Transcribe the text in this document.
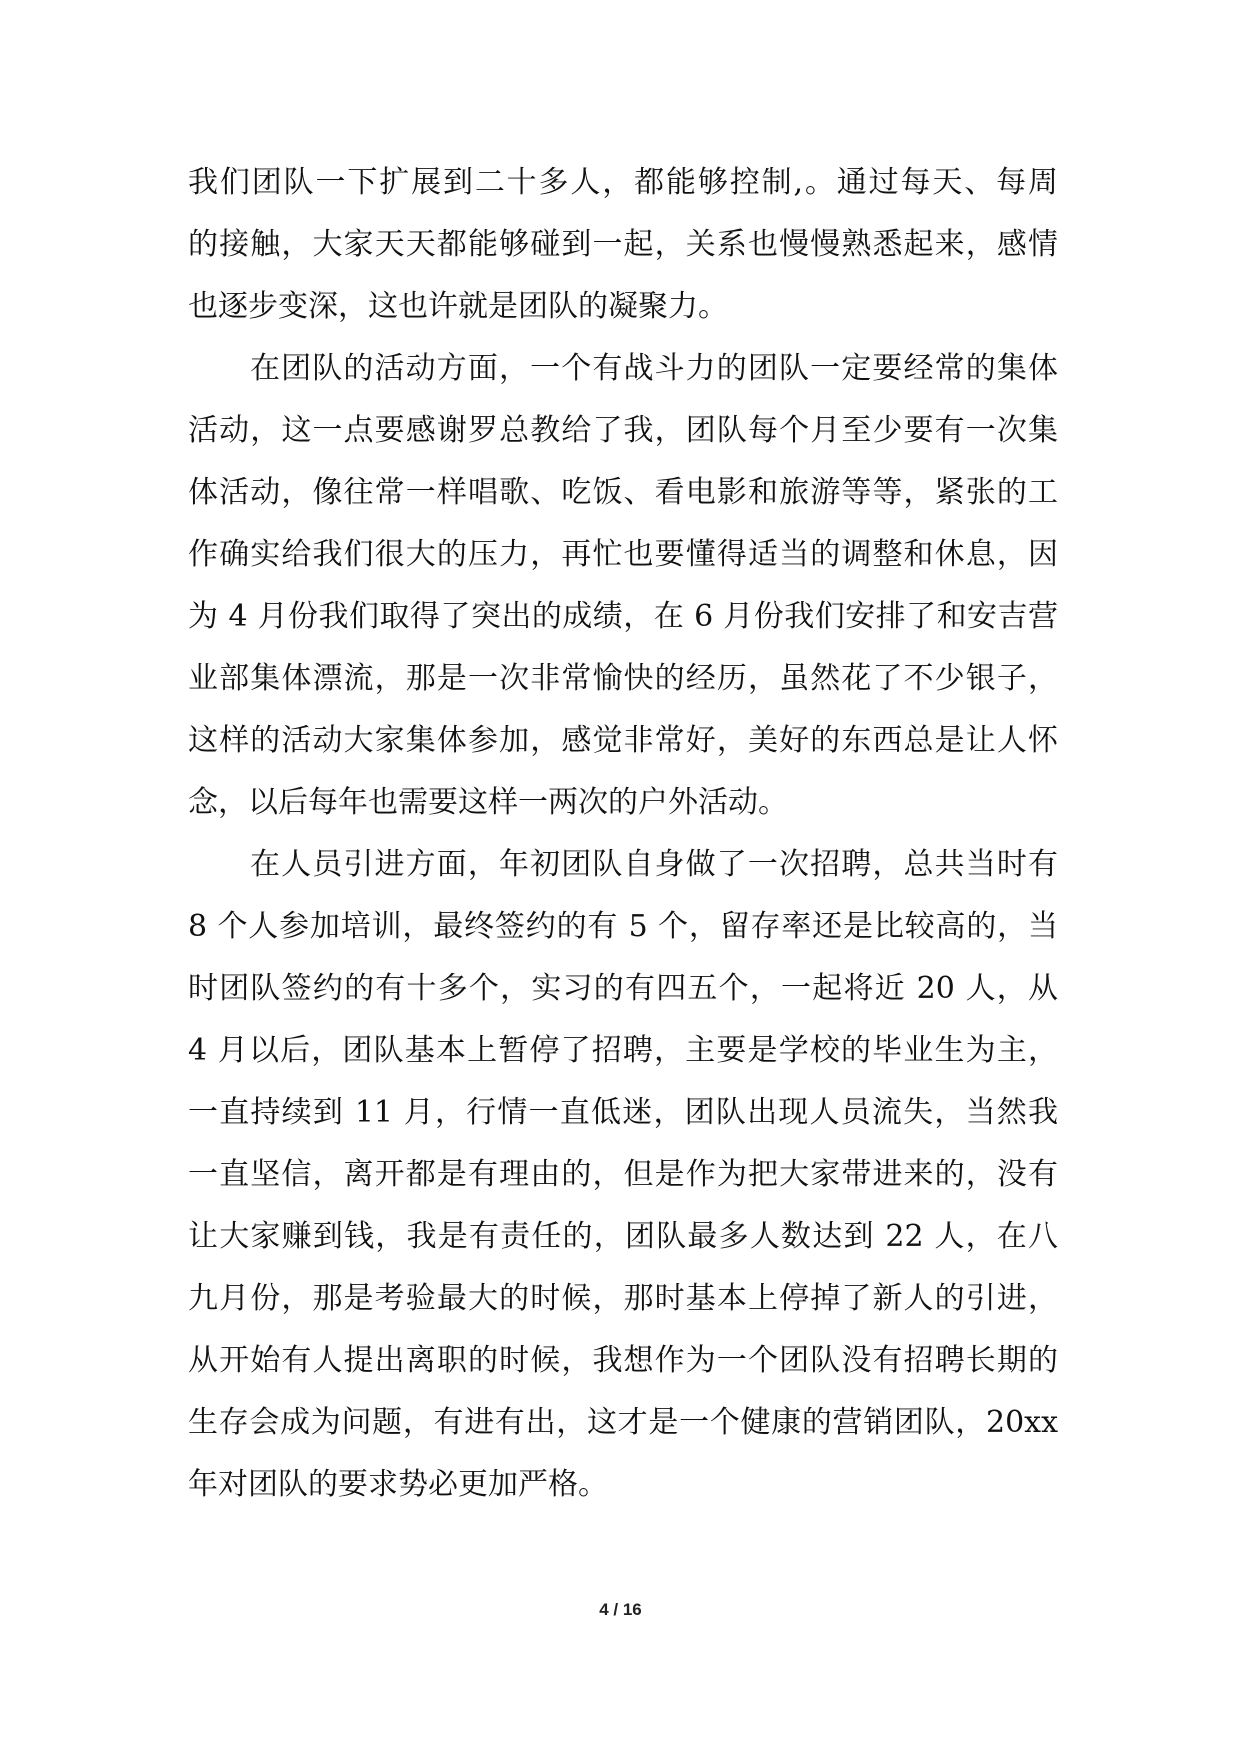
我们团队一下扩展到二十多人，都能够控制,。通过每天、每周
的接触，大家天天都能够碰到一起，关系也慢慢熟悉起来，感情
也逐步变深，这也许就是团队的凝聚力。
在团队的活动方面，一个有战斗力的团队一定要经常的集体
活动，这一点要感谢罗总教给了我，团队每个月至少要有一次集
体活动，像往常一样唱歌、吃饭、看电影和旅游等等，紧张的工
作确实给我们很大的压力，再忙也要懂得适当的调整和休息，因
为 4 月份我们取得了突出的成绩，在 6 月份我们安排了和安吉营
业部集体漂流，那是一次非常愉快的经历，虽然花了不少银子，
这样的活动大家集体参加，感觉非常好，美好的东西总是让人怀
念，以后每年也需要这样一两次的户外活动。
在人员引进方面，年初团队自身做了一次招聘，总共当时有
8 个人参加培训，最终签约的有 5 个，留存率还是比较高的，当
时团队签约的有十多个，实习的有四五个，一起将近 20 人，从
4 月以后，团队基本上暂停了招聘，主要是学校的毕业生为主，
一直持续到 11 月，行情一直低迷，团队出现人员流失，当然我
一直坚信，离开都是有理由的，但是作为把大家带进来的，没有
让大家赚到钱，我是有责任的，团队最多人数达到 22 人，在八
九月份，那是考验最大的时候，那时基本上停掉了新人的引进，
从开始有人提出离职的时候，我想作为一个团队没有招聘长期的
生存会成为问题，有进有出，这才是一个健康的营销团队，20xx
年对团队的要求势必更加严格。
4 / 16
